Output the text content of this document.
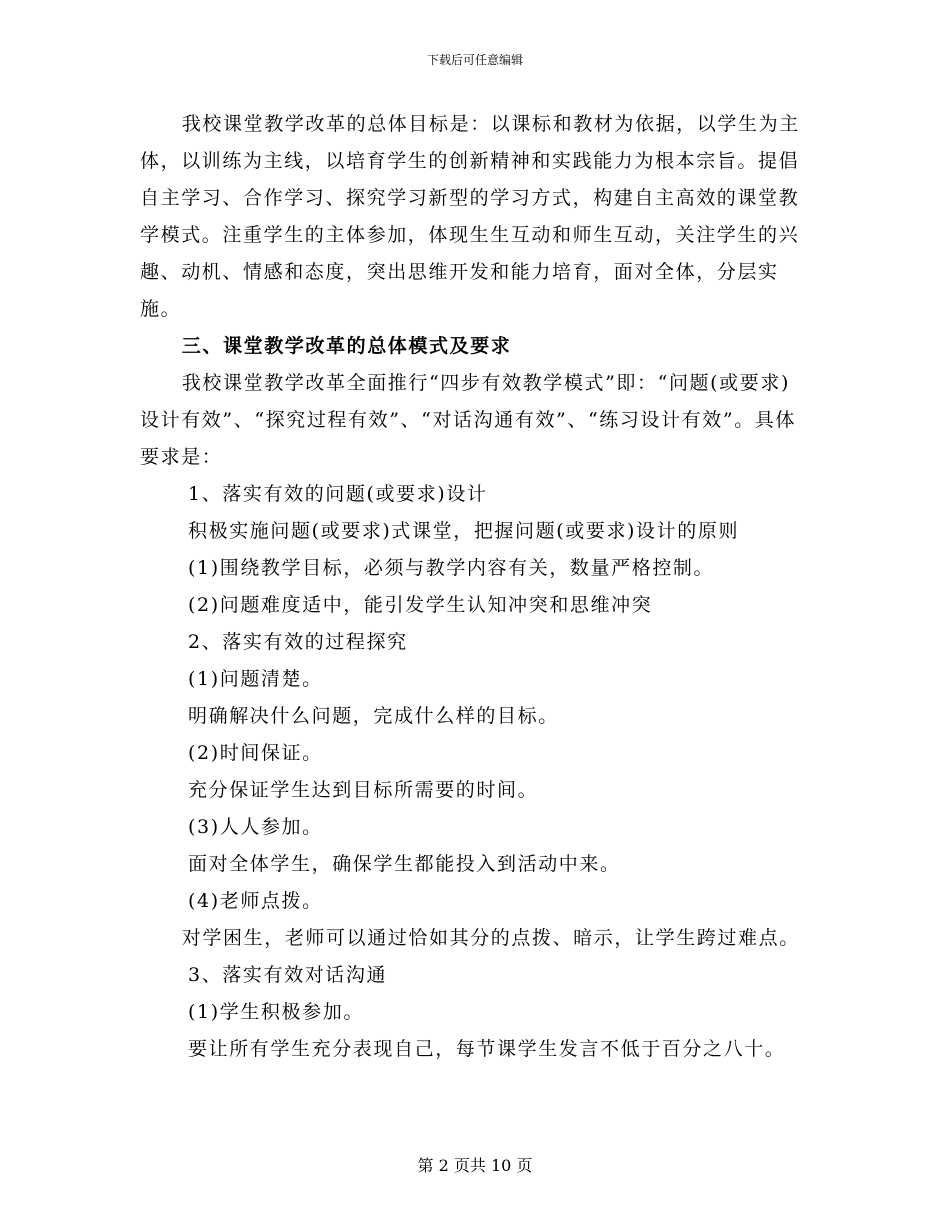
下载后可任意编辑

我校课堂教学改革的总体目标是：以课标和教材为依据，以学生为主体，以训练为主线，以培育学生的创新精神和实践能力为根本宗旨。提倡自主学习、合作学习、探究学习新型的学习方式，构建自主高效的课堂教学模式。注重学生的主体参加，体现生生互动和师生互动，关注学生的兴趣、动机、情感和态度，突出思维开发和能力培育，面对全体，分层实施。

三、课堂教学改革的总体模式及要求

我校课堂教学改革全面推行“四步有效教学模式”即：“问题(或要求)设计有效”、“探究过程有效”、“对话沟通有效”、“练习设计有效”。具体要求是：

1、落实有效的问题(或要求)设计

积极实施问题(或要求)式课堂，把握问题(或要求)设计的原则

(1)围绕教学目标，必须与教学内容有关，数量严格控制。

(2)问题难度适中，能引发学生认知冲突和思维冲突

2、落实有效的过程探究

(1)问题清楚。

明确解决什么问题，完成什么样的目标。

(2)时间保证。

充分保证学生达到目标所需要的时间。

(3)人人参加。

面对全体学生，确保学生都能投入到活动中来。

(4)老师点拨。

对学困生，老师可以通过恰如其分的点拨、暗示，让学生跨过难点。

3、落实有效对话沟通

(1)学生积极参加。

要让所有学生充分表现自己，每节课学生发言不低于百分之八十。

第 2 页共 10 页
